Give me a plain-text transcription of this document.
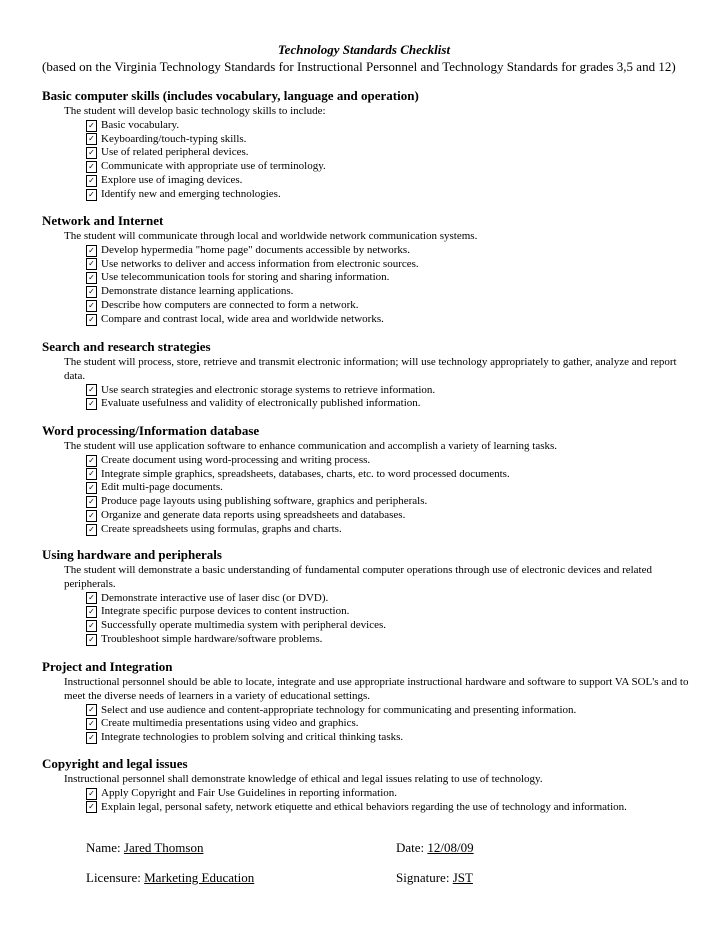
Technology Standards Checklist
(based on the Virginia Technology Standards for Instructional Personnel and Technology Standards for grades 3,5 and 12)
Basic computer skills (includes vocabulary, language and operation)
The student will develop basic technology skills to include:
✓ Basic vocabulary.
✓ Keyboarding/touch-typing skills.
✓ Use of related peripheral devices.
✓ Communicate with appropriate use of terminology.
✓ Explore use of imaging devices.
✓ Identify new and emerging technologies.
Network and Internet
The student will communicate through local and worldwide network communication systems.
✓ Develop hypermedia "home page" documents accessible by networks.
✓ Use networks to deliver and access information from electronic sources.
✓ Use telecommunication tools for storing and sharing information.
✓ Demonstrate distance learning applications.
✓ Describe how computers are connected to form a network.
✓ Compare and contrast local, wide area and worldwide networks.
Search and research strategies
The student will process, store, retrieve and transmit electronic information; will use technology appropriately to gather, analyze and report data.
✓ Use search strategies and electronic storage systems to retrieve information.
✓ Evaluate usefulness and validity of electronically published information.
Word processing/Information database
The student will use application software to enhance communication and accomplish a variety of learning tasks.
✓ Create document using word-processing and writing process.
✓ Integrate simple graphics, spreadsheets, databases, charts, etc. to word processed documents.
✓ Edit multi-page documents.
✓ Produce page layouts using publishing software, graphics and peripherals.
✓ Organize and generate data reports using spreadsheets and databases.
✓ Create spreadsheets using formulas, graphs and charts.
Using hardware and peripherals
The student will demonstrate a basic understanding of fundamental computer operations through use of electronic devices and related peripherals.
✓ Demonstrate interactive use of laser disc (or DVD).
✓ Integrate specific purpose devices to content instruction.
✓ Successfully operate multimedia system with peripheral devices.
✓ Troubleshoot simple hardware/software problems.
Project and Integration
Instructional personnel should be able to locate, integrate and use appropriate instructional hardware and software to support VA SOL's and to meet the diverse needs of learners in a variety of educational settings.
✓ Select and use audience and content-appropriate technology for communicating and presenting information.
✓ Create multimedia presentations using video and graphics.
✓ Integrate technologies to problem solving and critical thinking tasks.
Copyright and legal issues
Instructional personnel shall demonstrate knowledge of ethical and legal issues relating to use of technology.
✓ Apply Copyright and Fair Use Guidelines in reporting information.
✓ Explain legal, personal safety, network etiquette and ethical behaviors regarding the use of technology and information.
Name: Jared Thomson	Date: 12/08/09
Licensure: Marketing Education	Signature: JST
